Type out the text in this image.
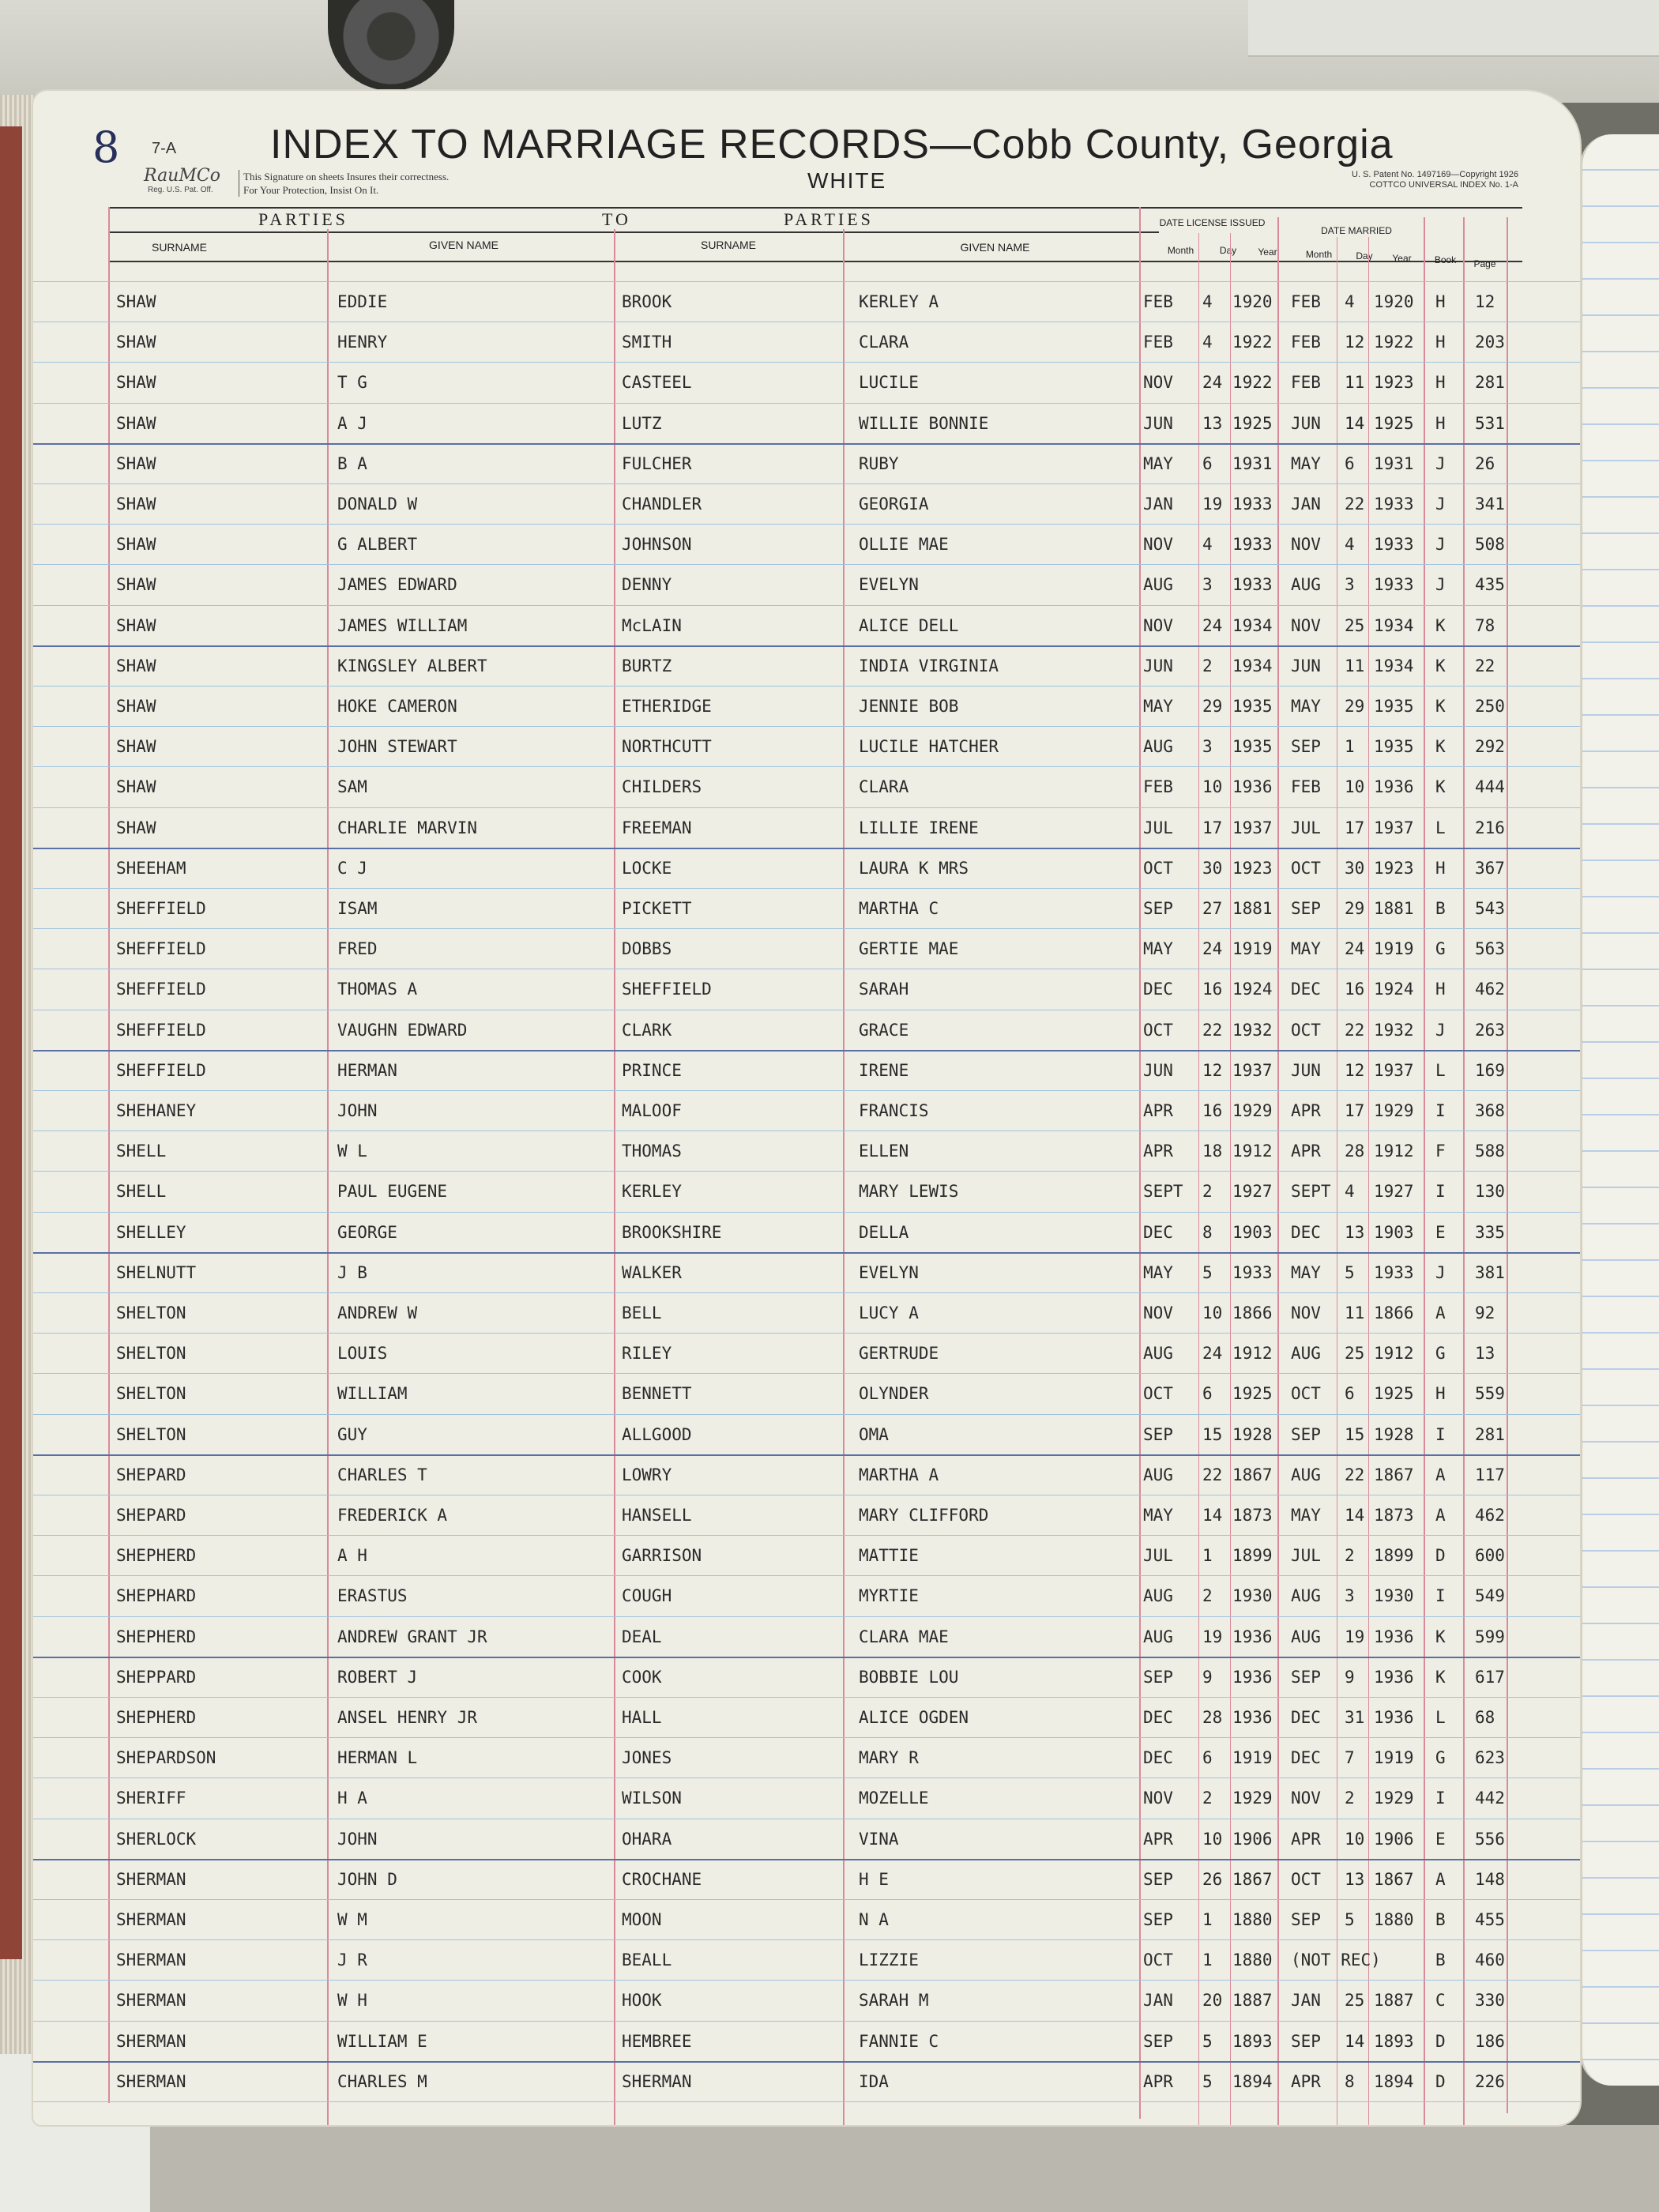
8 7-A INDEX TO MARRIAGE RECORDS—Cobb County, Georgia
WHITE
RauMCo
Reg. U.S. Pat. Off.
This Signature on sheets Insures their correctness.
For Your Protection, Insist On It.
U. S. Patent No. 1497169—Copyright 1926
COTTCO UNIVERSAL INDEX No. 1-A
PARTIES	TO	PARTIES	DATE LICENSE ISSUED
DATE MARRIED
SURNAME	GIVEN NAME	SURNAME	GIVEN NAME	Month	Day	Year	Month	Day	Year	Book	Page
SHAW	EDDIE	BROOK	KERLEY A	FEB 4 1920 FEB 4 1920 H 12
SHAW	HENRY	SMITH	CLARA	FEB 4 1922 FEB 12 1922 H 203
SHAW	T G	CASTEEL	LUCILE	NOV 24 1922 FEB 11 1923 H 281
SHAW	A J	LUTZ	WILLIE BONNIE	JUN 13 1925 JUN 14 1925 H 531
SHAW	B A	FULCHER	RUBY	MAY 6 1931 MAY 6 1931 J 26
SHAW	DONALD W	CHANDLER	GEORGIA	JAN 19 1933 JAN 22 1933 J 341
SHAW	G ALBERT	JOHNSON	OLLIE MAE	NOV 4 1933 NOV 4 1933 J 508
SHAW	JAMES EDWARD	DENNY	EVELYN	AUG 3 1933 AUG 3 1933 J 435
SHAW	JAMES WILLIAM	McLAIN	ALICE DELL	NOV 24 1934 NOV 25 1934 K 78
SHAW	KINGSLEY ALBERT	BURTZ	INDIA VIRGINIA	JUN 2 1934 JUN 11 1934 K 22
SHAW	HOKE CAMERON	ETHERIDGE	JENNIE BOB	MAY 29 1935 MAY 29 1935 K 250
SHAW	JOHN STEWART	NORTHCUTT	LUCILE HATCHER	AUG 3 1935 SEP 1 1935 K 292
SHAW	SAM	CHILDERS	CLARA	FEB 10 1936 FEB 10 1936 K 444
SHAW	CHARLIE MARVIN	FREEMAN	LILLIE IRENE	JUL 17 1937 JUL 17 1937 L 216
SHEEHAM	C J	LOCKE	LAURA K MRS	OCT 30 1923 OCT 30 1923 H 367
SHEFFIELD	ISAM	PICKETT	MARTHA C	SEP 27 1881 SEP 29 1881 B 543
SHEFFIELD	FRED	DOBBS	GERTIE MAE	MAY 24 1919 MAY 24 1919 G 563
SHEFFIELD	THOMAS A	SHEFFIELD	SARAH	DEC 16 1924 DEC 16 1924 H 462
SHEFFIELD	VAUGHN EDWARD	CLARK	GRACE	OCT 22 1932 OCT 22 1932 J 263
SHEFFIELD	HERMAN	PRINCE	IRENE	JUN 12 1937 JUN 12 1937 L 169
SHEHANEY	JOHN	MALOOF	FRANCIS	APR 16 1929 APR 17 1929 I 368
SHELL	W L	THOMAS	ELLEN	APR 18 1912 APR 28 1912 F 588
SHELL	PAUL EUGENE	KERLEY	MARY LEWIS	SEPT 2 1927 SEPT 4 1927 I 130
SHELLEY	GEORGE	BROOKSHIRE	DELLA	DEC 8 1903 DEC 13 1903 E 335
SHELNUTT	J B	WALKER	EVELYN	MAY 5 1933 MAY 5 1933 J 381
SHELTON	ANDREW W	BELL	LUCY A	NOV 10 1866 NOV 11 1866 A 92
SHELTON	LOUIS	RILEY	GERTRUDE	AUG 24 1912 AUG 25 1912 G 13
SHELTON	WILLIAM	BENNETT	OLYNDER	OCT 6 1925 OCT 6 1925 H 559
SHELTON	GUY	ALLGOOD	OMA	SEP 15 1928 SEP 15 1928 I 281
SHEPARD	CHARLES T	LOWRY	MARTHA A	AUG 22 1867 AUG 22 1867 A 117
SHEPARD	FREDERICK A	HANSELL	MARY CLIFFORD	MAY 14 1873 MAY 14 1873 A 462
SHEPHERD	A H	GARRISON	MATTIE	JUL 1 1899 JUL 2 1899 D 600
SHEPHARD	ERASTUS	COUGH	MYRTIE	AUG 2 1930 AUG 3 1930 I 549
SHEPHERD	ANDREW GRANT JR	DEAL	CLARA MAE	AUG 19 1936 AUG 19 1936 K 599
SHEPPARD	ROBERT J	COOK	BOBBIE LOU	SEP 9 1936 SEP 9 1936 K 617
SHEPHERD	ANSEL HENRY JR	HALL	ALICE OGDEN	DEC 28 1936 DEC 31 1936 L 68
SHEPARDSON	HERMAN L	JONES	MARY R	DEC 6 1919 DEC 7 1919 G 623
SHERIFF	H A	WILSON	MOZELLE	NOV 2 1929 NOV 2 1929 I 442
SHERLOCK	JOHN	OHARA	VINA	APR 10 1906 APR 10 1906 E 556
SHERMAN	JOHN D	CROCHANE	H E	SEP 26 1867 OCT 13 1867 A 148
SHERMAN	W M	MOON	N A	SEP 1 1880 SEP 5 1880 B 455
SHERMAN	J R	BEALL	LIZZIE	OCT 1 1880 (NOT REC)	B 460
SHERMAN	W H	HOOK	SARAH M	JAN 20 1887 JAN 25 1887 C 330
SHERMAN	WILLIAM E	HEMBREE	FANNIE C	SEP 5 1893 SEP 14 1893 D 186
SHERMAN	CHARLES M	SHERMAN	IDA	APR 5 1894 APR 8 1894 D 226
